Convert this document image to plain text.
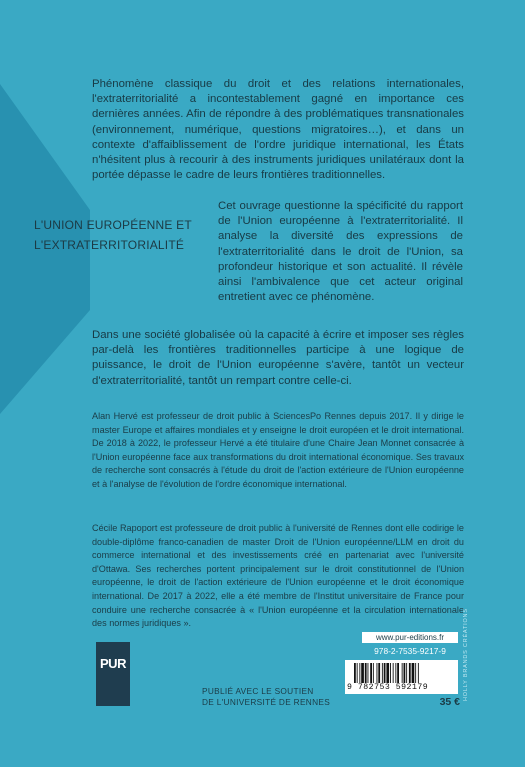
L'UNION EUROPÉENNE ET
L'EXTRATERRITORIALITÉ

Phénomène classique du droit et des relations internationales, l'extraterritorialité a incontestablement gagné en importance ces dernières années. Afin de répondre à des problématiques transnationales (environnement, numérique, questions migratoires…), et dans un contexte d'affaiblissement de l'ordre juridique international, les États n'hésitent plus à recourir à des instruments juridiques unilatéraux dont la portée dépasse le cadre de leurs frontières traditionnelles.

Cet ouvrage questionne la spécificité du rapport de l'Union européenne à l'extraterritorialité. Il analyse la diversité des expressions de l'extraterritorialité dans le droit de l'Union, sa profondeur historique et son actualité. Il révèle ainsi l'ambivalence que cet acteur original entretient avec ce phénomène.

Dans une société globalisée où la capacité à écrire et imposer ses règles par-delà les frontières traditionnelles participe à une logique de puissance, le droit de l'Union européenne s'avère, tantôt un vecteur d'extraterritorialité, tantôt un rempart contre celle-ci.

Alan Hervé est professeur de droit public à SciencesPo Rennes depuis 2017. Il y dirige le master Europe et affaires mondiales et y enseigne le droit européen et le droit international. De 2018 à 2022, le professeur Hervé a été titulaire d'une Chaire Jean Monnet consacrée à l'Union européenne face aux transformations du droit international économique. Ses travaux de recherche sont consacrés à l'étude du droit de l'action extérieure de l'Union européenne et à l'analyse de l'évolution de l'ordre économique international.

Cécile Rapoport est professeure de droit public à l'université de Rennes dont elle codirige le double-diplôme franco-canadien de master Droit de l'Union européenne/LLM en droit du commerce international et des investissements créé en partenariat avec l'université d'Ottawa. Ses recherches portent principalement sur le droit constitutionnel de l'Union européenne, le droit de l'action extérieure de l'Union européenne et le droit économique international. De 2017 à 2022, elle a été membre de l'Institut universitaire de France pour conduire une recherche consacrée à « l'Union européenne et la circulation internationale des normes juridiques ».

PUR
PUBLIÉ AVEC LE SOUTIEN
DE L'UNIVERSITÉ DE RENNES
www.pur-editions.fr
978-2-7535-9217-9
9 782753 592179
35 €
HOLLY BRANDS CRÉATIONS
